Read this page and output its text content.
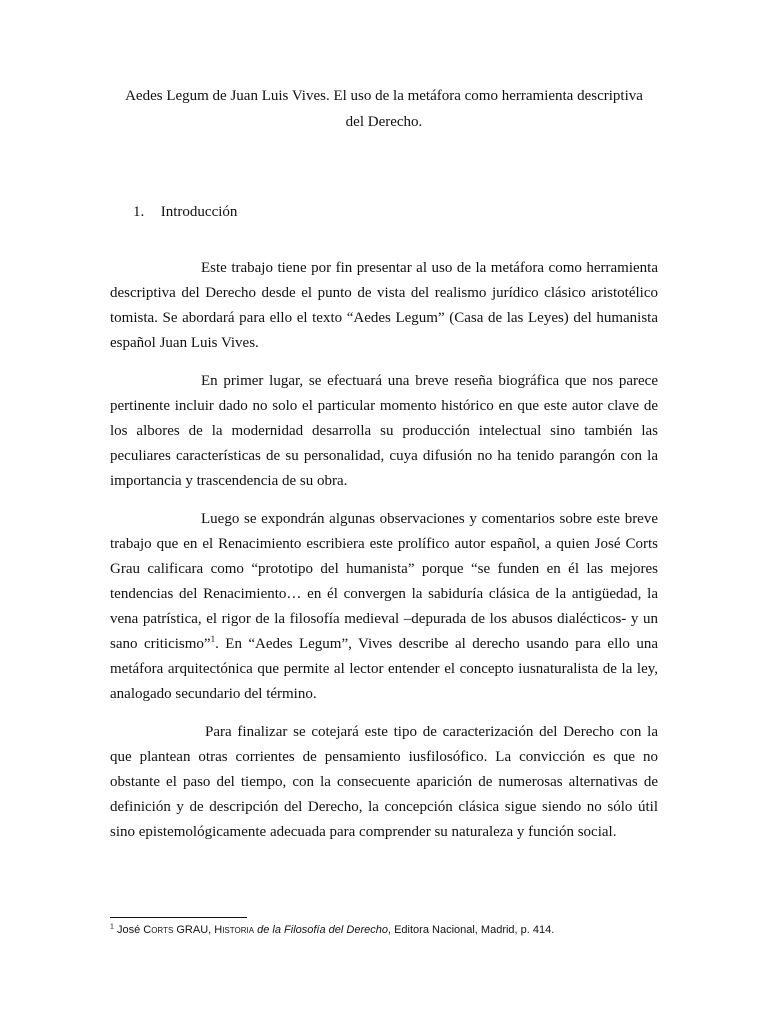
Aedes Legum de Juan Luis Vives. El uso de la metáfora como herramienta descriptiva
del Derecho.
1. Introducción

Este trabajo tiene por fin presentar al uso de la metáfora como herramienta descriptiva del Derecho desde el punto de vista del realismo jurídico clásico aristotélico tomista. Se abordará para ello el texto “Aedes Legum” (Casa de las Leyes) del humanista español Juan Luis Vives.

En primer lugar, se efectuará una breve reseña biográfica que nos parece pertinente incluir dado no solo el particular momento histórico en que este autor clave de los albores de la modernidad desarrolla su producción intelectual sino también las peculiares características de su personalidad, cuya difusión no ha tenido parangón con la importancia y trascendencia de su obra.

Luego se expondrán algunas observaciones y comentarios sobre este breve trabajo que en el Renacimiento escribiera este prolífico autor español, a quien José Corts Grau calificara como “prototipo del humanista” porque “se funden en él las mejores tendencias del Renacimiento… en él convergen la sabiduría clásica de la antigüedad, la vena patrística, el rigor de la filosofía medieval –depurada de los abusos dialécticos- y un sano criticismo”$^1$. En “Aedes Legum”, Vives describe al derecho usando para ello una metáfora arquitectónica que permite al lector entender el concepto iusnaturalista de la ley, analogado secundario del término.

Para finalizar se cotejará este tipo de caracterización del Derecho con la que plantean otras corrientes de pensamiento iusfilosófico. La convicción es que no obstante el paso del tiempo, con la consecuente aparición de numerosas alternativas de definición y de descripción del Derecho, la concepción clásica sigue siendo no sólo útil sino epistemológicamente adecuada para comprender su naturaleza y función social.

$^1$ José Corts GRAU, Historia de la Filosofía del Derecho, Editora Nacional, Madrid, p. 414.
